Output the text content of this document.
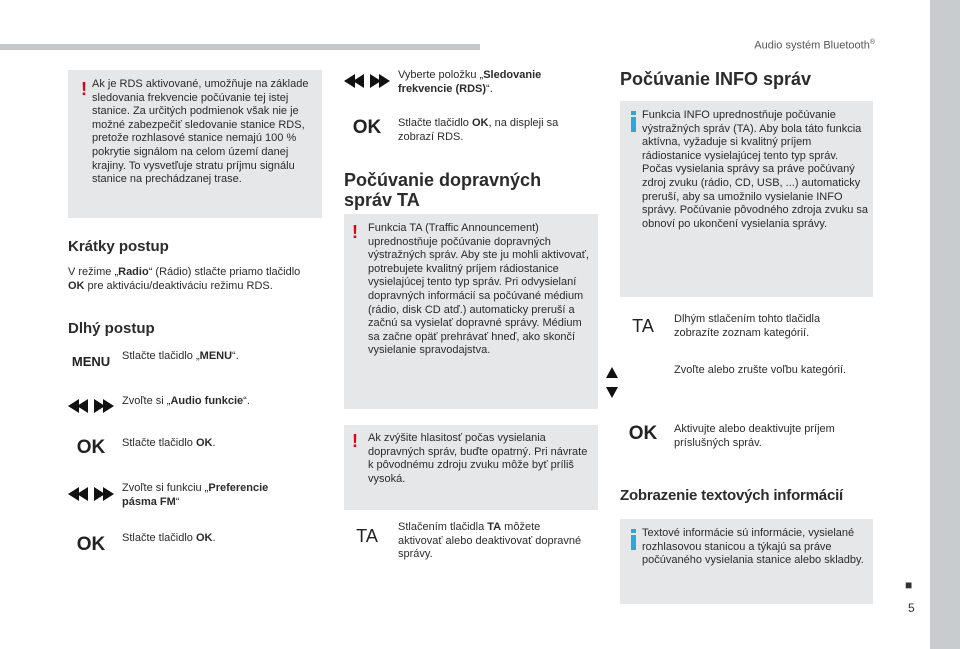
Audio systém Bluetooth®
■
5
! Ak je RDS aktivované, umožňuje na základe sledovania frekvencie počúvanie tej istej stanice. Za určitých podmienok však nie je možné zabezpečiť sledovanie stanice RDS, pretože rozhlasové stanice nemajú 100 % pokrytie signálom na celom území danej krajiny. To vysvetľuje stratu príjmu signálu stanice na prechádzanej trase.
Krátky postup
V režime „Radio“ (Rádio) stlačte priamo tlačidlo OK pre aktiváciu/deaktiváciu režimu RDS.
Dlhý postup
MENU	Stlačte tlačidlo „MENU“.
Zvoľte si „Audio funkcie“.
OK	Stlačte tlačidlo OK.
Zvoľte si funkciu „Preferencie pásma FM“
OK	Stlačte tlačidlo OK.
Vyberte položku „Sledovanie frekvencie (RDS)“.
OK	Stlačte tlačidlo OK, na displeji sa zobrazí RDS.
Počúvanie dopravných
správ TA
! Funkcia TA (Traffic Announcement) uprednostňuje počúvanie dopravných výstražných správ. Aby ste ju mohli aktivovať, potrebujete kvalitný príjem rádiostanice vysielajúcej tento typ správ. Pri odvysielaní dopravných informácií sa počúvané médium (rádio, disk CD atď.) automaticky preruší a začnú sa vysielať dopravné správy. Médium sa začne opäť prehrávať hneď, ako skončí vysielanie spravodajstva.
! Ak zvýšite hlasitosť počas vysielania dopravných správ, buďte opatrný. Pri návrate k pôvodnému zdroju zvuku môže byť príliš vysoká.
TA	Stlačením tlačidla TA môžete aktivovať alebo deaktivovať dopravné správy.
Počúvanie INFO správ
Funkcia INFO uprednostňuje počúvanie výstražných správ (TA). Aby bola táto funkcia aktívna, vyžaduje si kvalitný príjem rádiostanice vysielajúcej tento typ správ. Počas vysielania správy sa práve počúvaný zdroj zvuku (rádio, CD, USB, ...) automaticky preruší, aby sa umožnilo vysielanie INFO správy. Počúvanie pôvodného zdroja zvuku sa obnoví po ukončení vysielania správy.
TA	Dlhým stlačením tohto tlačidla zobrazíte zoznam kategórií.
Zvoľte alebo zrušte voľbu kategórií.
OK	Aktivujte alebo deaktivujte príjem príslušných správ.
Zobrazenie textových informácií
Textové informácie sú informácie, vysielané rozhlasovou stanicou a týkajú sa práve počúvaného vysielania stanice alebo skladby.
